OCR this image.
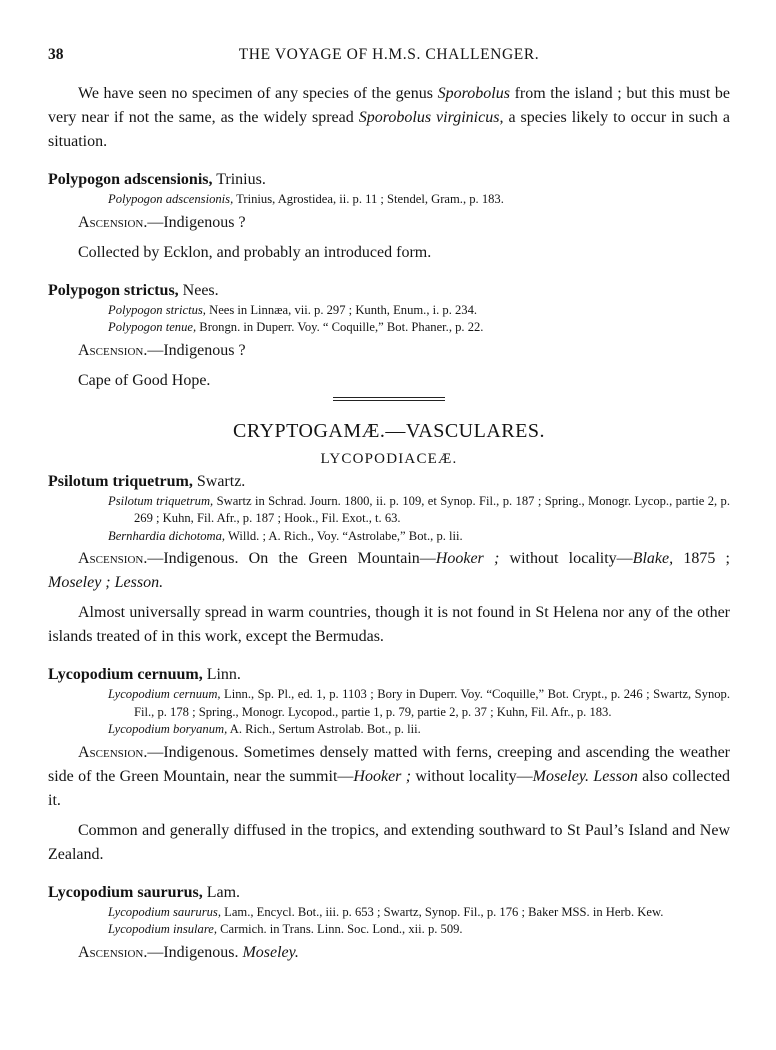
38	THE VOYAGE OF H.M.S. CHALLENGER.

We have seen no specimen of any species of the genus Sporobolus from the island ; but this must be very near if not the same, as the widely spread Sporobolus virginicus, a species likely to occur in such a situation.

Polypogon adscensionis, Trinius.

Polypogon adscensionis, Trinius, Agrostidea, ii. p. 11 ; Stendel, Gram., p. 183.

Ascension.—Indigenous ?

Collected by Ecklon, and probably an introduced form.

Polypogon strictus, Nees.

Polypogon strictus, Nees in Linnæa, vii. p. 297 ; Kunth, Enum., i. p. 234.

Polypogon tenue, Brongn. in Duperr. Voy. “ Coquille,” Bot. Phaner., p. 22.

Ascension.—Indigenous ?

Cape of Good Hope.

CRYPTOGAMÆ.—VASCULARES.
LYCOPODIACEÆ.
Psilotum triquetrum, Swartz.

Psilotum triquetrum, Swartz in Schrad. Journ. 1800, ii. p. 109, et Synop. Fil., p. 187 ; Spring., Monogr. Lycop., partie 2, p. 269 ; Kuhn, Fil. Afr., p. 187 ; Hook., Fil. Exot., t. 63.

Bernhardia dichotoma, Willd. ; A. Rich., Voy. “Astrolabe,” Bot., p. lii.

Ascension.—Indigenous. On the Green Mountain—Hooker ; without locality—Blake, 1875 ; Moseley ; Lesson.

Almost universally spread in warm countries, though it is not found in St Helena nor any of the other islands treated of in this work, except the Bermudas.

Lycopodium cernuum, Linn.

Lycopodium cernuum, Linn., Sp. Pl., ed. 1, p. 1103 ; Bory in Duperr. Voy. “Coquille,” Bot. Crypt., p. 246 ; Swartz, Synop. Fil., p. 178 ; Spring., Monogr. Lycopod., partie 1, p. 79, partie 2, p. 37 ; Kuhn, Fil. Afr., p. 183.

Lycopodium boryanum, A. Rich., Sertum Astrolab. Bot., p. lii.

Ascension.—Indigenous. Sometimes densely matted with ferns, creeping and ascending the weather side of the Green Mountain, near the summit—Hooker ; without locality—Moseley. Lesson also collected it.

Common and generally diffused in the tropics, and extending southward to St Paul’s Island and New Zealand.

Lycopodium saururus, Lam.

Lycopodium saururus, Lam., Encycl. Bot., iii. p. 653 ; Swartz, Synop. Fil., p. 176 ; Baker MSS. in Herb. Kew.

Lycopodium insulare, Carmich. in Trans. Linn. Soc. Lond., xii. p. 509.

Ascension.—Indigenous. Moseley.
